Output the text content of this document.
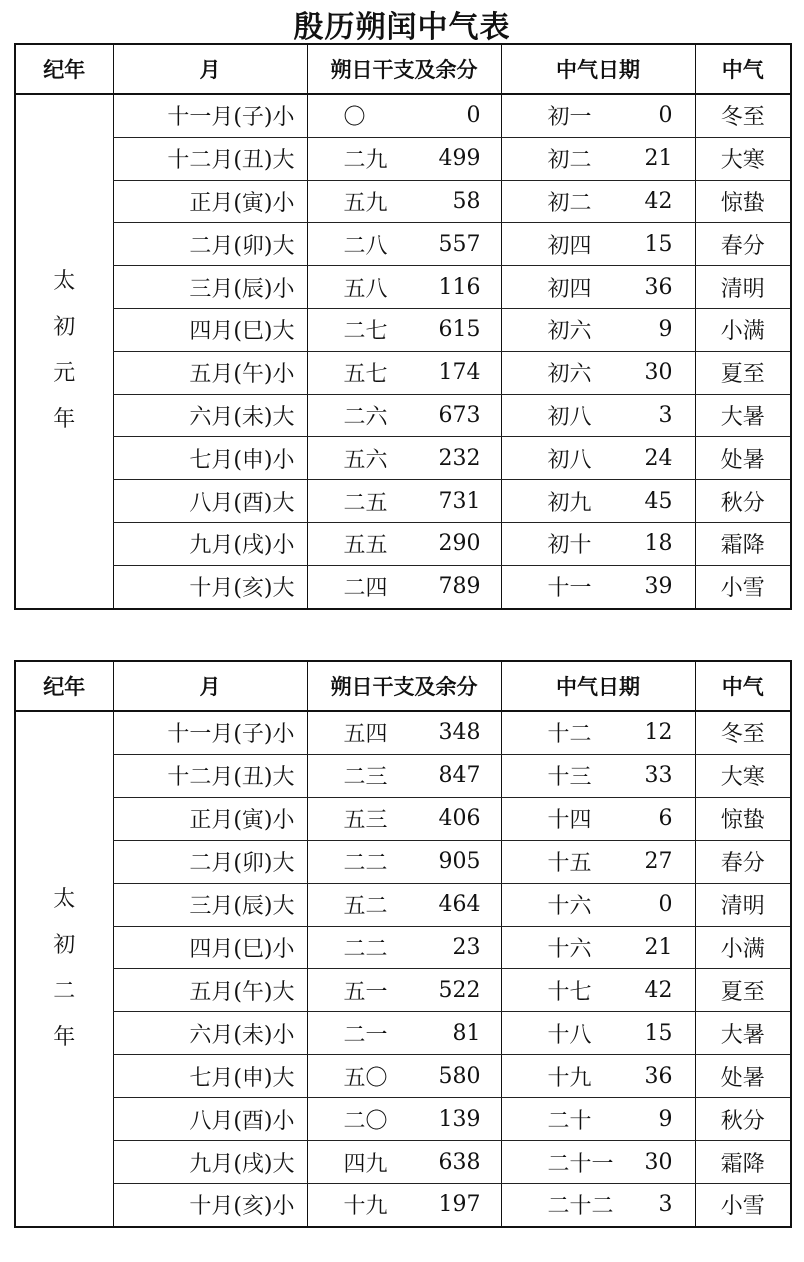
殷历朔闰中气表
纪年	月	朔日干支及余分	中气日期	中气

太
初
元
年	十一月(子)小	〇 0	初一 0	冬至
	十二月(丑)大	二九 499	初二 21	大寒
	正月(寅)小	五九 58	初二 42	惊蛰
	二月(卯)大	二八 557	初四 15	春分
	三月(辰)小	五八 116	初四 36	清明
	四月(巳)大	二七 615	初六 9	小满
	五月(午)小	五七 174	初六 30	夏至
	六月(未)大	二六 673	初八 3	大暑
	七月(申)小	五六 232	初八 24	处暑
	八月(酉)大	二五 731	初九 45	秋分
	九月(戌)小	五五 290	初十 18	霜降
	十月(亥)大	二四 789	十一 39	小雪
纪年	月	朔日干支及余分	中气日期	中气

太
初
二
年	十一月(子)小	五四 348	十二 12	冬至
	十二月(丑)大	二三 847	十三 33	大寒
	正月(寅)小	五三 406	十四 6	惊蛰
	二月(卯)大	二二 905	十五 27	春分
	三月(辰)大	五二 464	十六 0	清明
	四月(巳)小	二二 23	十六 21	小满
	五月(午)大	五一 522	十七 42	夏至
	六月(未)小	二一 81	十八 15	大暑
	七月(申)大	五〇 580	十九 36	处暑
	八月(酉)小	二〇 139	二十 9	秋分
	九月(戌)大	四九 638	二十一 30	霜降
	十月(亥)小	十九 197	二十二 3	小雪
